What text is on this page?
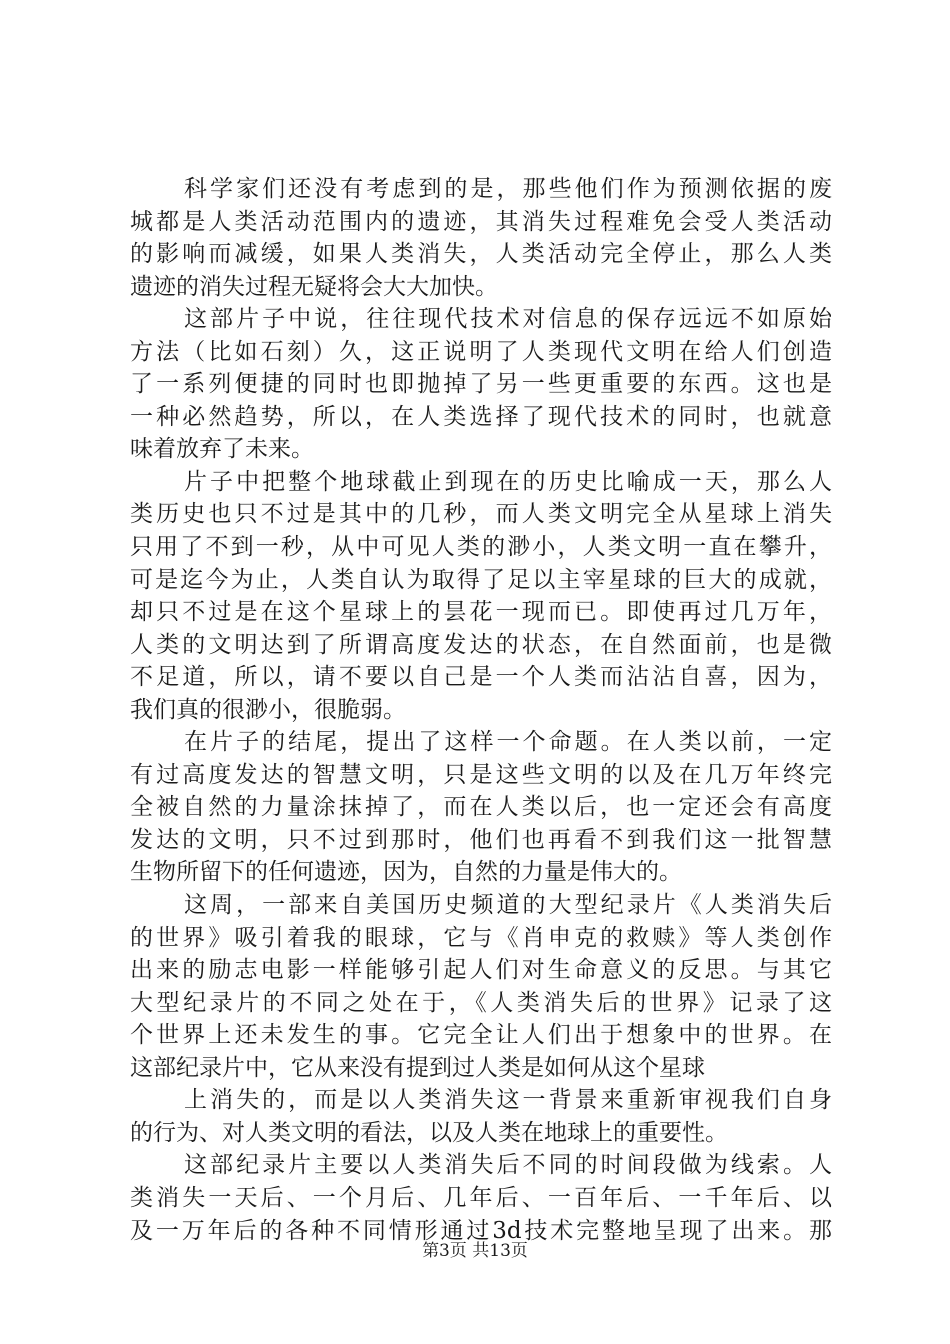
科学家们还没有考虑到的是，那些他们作为预测依据的废
城都是人类活动范围内的遗迹，其消失过程难免会受人类活动
的影响而减缓，如果人类消失，人类活动完全停止，那么人类
遗迹的消失过程无疑将会大大加快。
这部片子中说，往往现代技术对信息的保存远远不如原始
方法（比如石刻）久，这正说明了人类现代文明在给人们创造
了一系列便捷的同时也即抛掉了另一些更重要的东西。这也是
一种必然趋势，所以，在人类选择了现代技术的同时，也就意
味着放弃了未来。
片子中把整个地球截止到现在的历史比喻成一天，那么人
类历史也只不过是其中的几秒，而人类文明完全从星球上消失
只用了不到一秒，从中可见人类的渺小，人类文明一直在攀升，
可是迄今为止，人类自认为取得了足以主宰星球的巨大的成就，
却只不过是在这个星球上的昙花一现而已。即使再过几万年，
人类的文明达到了所谓高度发达的状态，在自然面前，也是微
不足道，所以，请不要以自己是一个人类而沾沾自喜，因为，
我们真的很渺小，很脆弱。
在片子的结尾，提出了这样一个命题。在人类以前，一定
有过高度发达的智慧文明，只是这些文明的以及在几万年终完
全被自然的力量涂抹掉了，而在人类以后，也一定还会有高度
发达的文明，只不过到那时，他们也再看不到我们这一批智慧
生物所留下的任何遗迹，因为，自然的力量是伟大的。
这周，一部来自美国历史频道的大型纪录片《人类消失后
的世界》吸引着我的眼球，它与《肖申克的救赎》等人类创作
出来的励志电影一样能够引起人们对生命意义的反思。与其它
大型纪录片的不同之处在于，《人类消失后的世界》记录了这
个世界上还未发生的事。它完全让人们出于想象中的世界。在
这部纪录片中，它从来没有提到过人类是如何从这个星球
上消失的，而是以人类消失这一背景来重新审视我们自身
的行为、对人类文明的看法，以及人类在地球上的重要性。
这部纪录片主要以人类消失后不同的时间段做为线索。人
类消失一天后、一个月后、几年后、一百年后、一千年后、以
及一万年后的各种不同情形通过3d技术完整地呈现了出来。那
第3页 共13页
